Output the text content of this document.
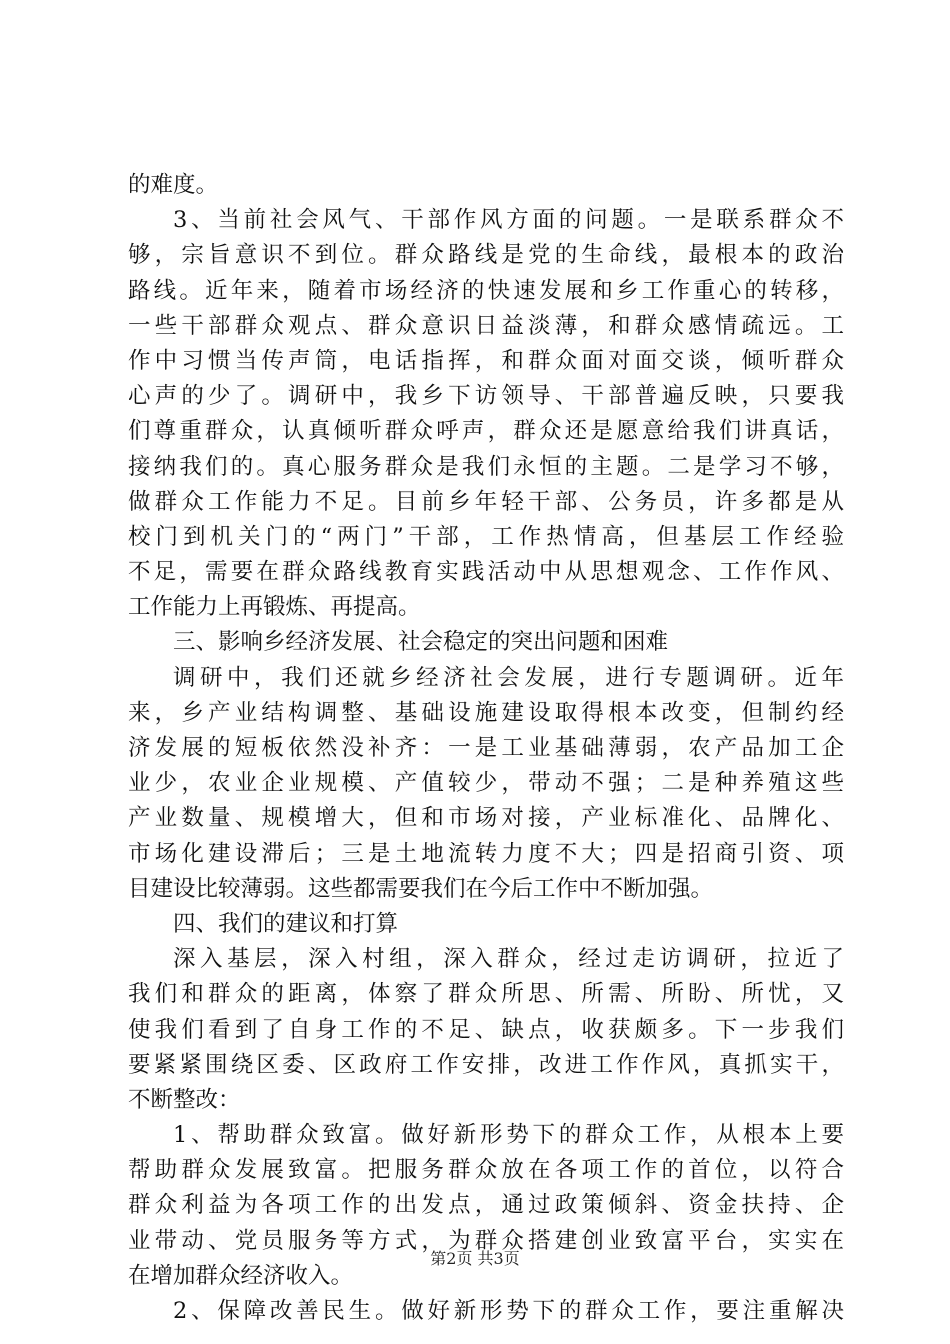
的难度。
3、当前社会风气、干部作风方面的问题。一是联系群众不
够，宗旨意识不到位。群众路线是党的生命线，最根本的政治
路线。近年来，随着市场经济的快速发展和乡工作重心的转移，
一些干部群众观点、群众意识日益淡薄，和群众感情疏远。工
作中习惯当传声筒，电话指挥，和群众面对面交谈，倾听群众
心声的少了。调研中，我乡下访领导、干部普遍反映，只要我
们尊重群众，认真倾听群众呼声，群众还是愿意给我们讲真话，
接纳我们的。真心服务群众是我们永恒的主题。二是学习不够，
做群众工作能力不足。目前乡年轻干部、公务员，许多都是从
校门到机关门的“两门”干部，工作热情高，但基层工作经验
不足，需要在群众路线教育实践活动中从思想观念、工作作风、
工作能力上再锻炼、再提高。
三、影响乡经济发展、社会稳定的突出问题和困难
调研中，我们还就乡经济社会发展，进行专题调研。近年
来，乡产业结构调整、基础设施建设取得根本改变，但制约经
济发展的短板依然没补齐：一是工业基础薄弱，农产品加工企
业少，农业企业规模、产值较少，带动不强；二是种养殖这些
产业数量、规模增大，但和市场对接，产业标准化、品牌化、
市场化建设滞后；三是土地流转力度不大；四是招商引资、项
目建设比较薄弱。这些都需要我们在今后工作中不断加强。
四、我们的建议和打算
深入基层，深入村组，深入群众，经过走访调研，拉近了
我们和群众的距离，体察了群众所思、所需、所盼、所忧，又
使我们看到了自身工作的不足、缺点，收获颇多。下一步我们
要紧紧围绕区委、区政府工作安排，改进工作作风，真抓实干，
不断整改：
1、帮助群众致富。做好新形势下的群众工作，从根本上要
帮助群众发展致富。把服务群众放在各项工作的首位，以符合
群众利益为各项工作的出发点，通过政策倾斜、资金扶持、企
业带动、党员服务等方式，为群众搭建创业致富平台，实实在
在增加群众经济收入。
2、保障改善民生。做好新形势下的群众工作，要注重解决
第2页 共3页
